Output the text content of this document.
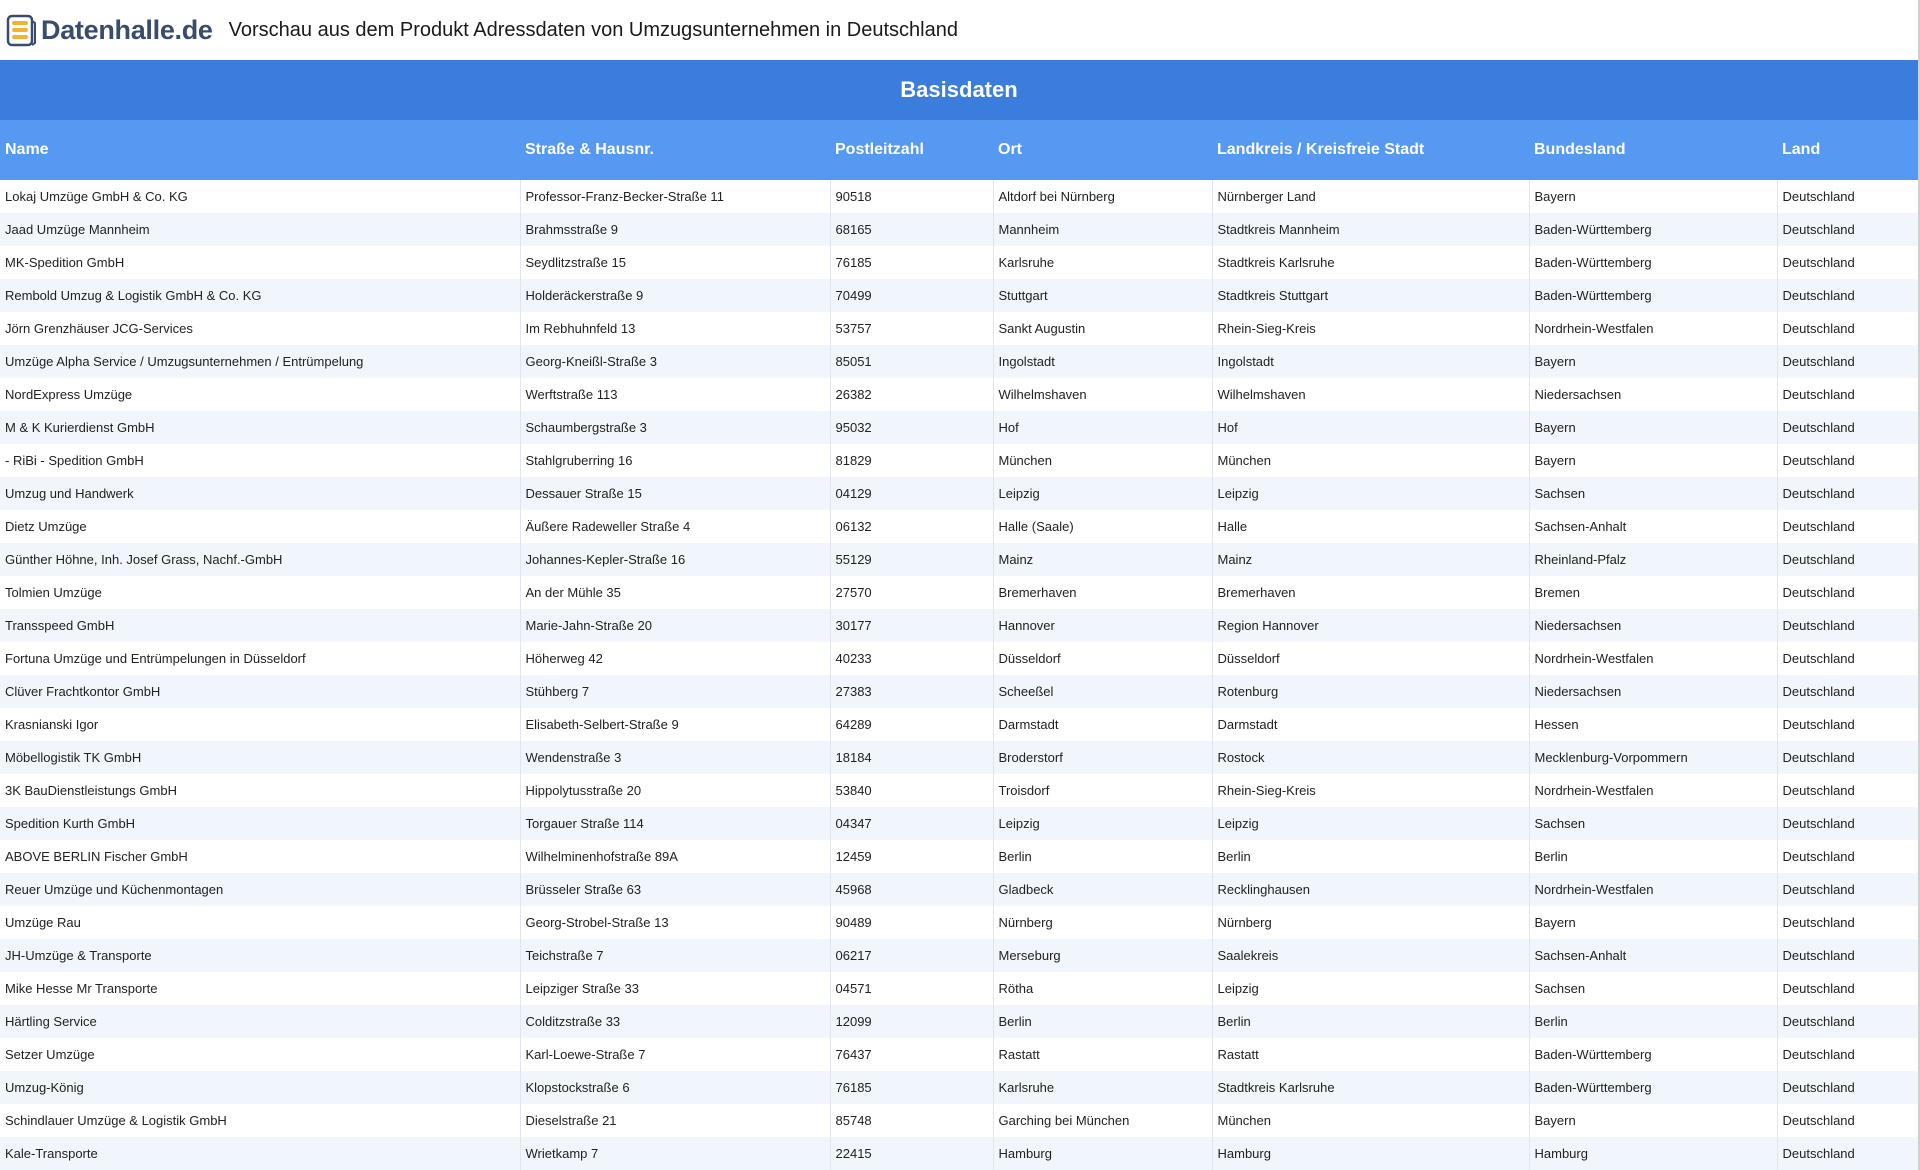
Datenhalle.de Vorschau aus dem Produkt Adressdaten von Umzugsunternehmen in Deutschland
Basisdaten
Name	Straße & Hausnr.	Postleitzahl	Ort	Landkreis / Kreisfreie Stadt	Bundesland	Land
Lokaj Umzüge GmbH & Co. KG	Professor-Franz-Becker-Straße 11	90518	Altdorf bei Nürnberg	Nürnberger Land	Bayern	Deutschland
Jaad Umzüge Mannheim	Brahmsstraße 9	68165	Mannheim	Stadtkreis Mannheim	Baden-Württemberg	Deutschland
MK-Spedition GmbH	Seydlitzstraße 15	76185	Karlsruhe	Stadtkreis Karlsruhe	Baden-Württemberg	Deutschland
Rembold Umzug & Logistik GmbH & Co. KG	Holderäckerstraße 9	70499	Stuttgart	Stadtkreis Stuttgart	Baden-Württemberg	Deutschland
Jörn Grenzhäuser JCG-Services	Im Rebhuhnfeld 13	53757	Sankt Augustin	Rhein-Sieg-Kreis	Nordrhein-Westfalen	Deutschland
Umzüge Alpha Service / Umzugsunternehmen / Entrümpelung	Georg-Kneißl-Straße 3	85051	Ingolstadt	Ingolstadt	Bayern	Deutschland
NordExpress Umzüge	Werftstraße 113	26382	Wilhelmshaven	Wilhelmshaven	Niedersachsen	Deutschland
M & K Kurierdienst GmbH	Schaumbergstraße 3	95032	Hof	Hof	Bayern	Deutschland
- RiBi - Spedition GmbH	Stahlgruberring 16	81829	München	München	Bayern	Deutschland
Umzug und Handwerk	Dessauer Straße 15	04129	Leipzig	Leipzig	Sachsen	Deutschland
Dietz Umzüge	Äußere Radeweller Straße 4	06132	Halle (Saale)	Halle	Sachsen-Anhalt	Deutschland
Günther Höhne, Inh. Josef Grass, Nachf.-GmbH	Johannes-Kepler-Straße 16	55129	Mainz	Mainz	Rheinland-Pfalz	Deutschland
Tolmien Umzüge	An der Mühle 35	27570	Bremerhaven	Bremerhaven	Bremen	Deutschland
Transspeed GmbH	Marie-Jahn-Straße 20	30177	Hannover	Region Hannover	Niedersachsen	Deutschland
Fortuna Umzüge und Entrümpelungen in Düsseldorf	Höherweg 42	40233	Düsseldorf	Düsseldorf	Nordrhein-Westfalen	Deutschland
Clüver Frachtkontor GmbH	Stühberg 7	27383	Scheeßel	Rotenburg	Niedersachsen	Deutschland
Krasnianski Igor	Elisabeth-Selbert-Straße 9	64289	Darmstadt	Darmstadt	Hessen	Deutschland
Möbellogistik TK GmbH	Wendenstraße 3	18184	Broderstorf	Rostock	Mecklenburg-Vorpommern	Deutschland
3K BauDienstleistungs GmbH	Hippolytusstraße 20	53840	Troisdorf	Rhein-Sieg-Kreis	Nordrhein-Westfalen	Deutschland
Spedition Kurth GmbH	Torgauer Straße 114	04347	Leipzig	Leipzig	Sachsen	Deutschland
ABOVE BERLIN Fischer GmbH	Wilhelminenhofstraße 89A	12459	Berlin	Berlin	Berlin	Deutschland
Reuer Umzüge und Küchenmontagen	Brüsseler Straße 63	45968	Gladbeck	Recklinghausen	Nordrhein-Westfalen	Deutschland
Umzüge Rau	Georg-Strobel-Straße 13	90489	Nürnberg	Nürnberg	Bayern	Deutschland
JH-Umzüge & Transporte	Teichstraße 7	06217	Merseburg	Saalekreis	Sachsen-Anhalt	Deutschland
Mike Hesse Mr Transporte	Leipziger Straße 33	04571	Rötha	Leipzig	Sachsen	Deutschland
Härtling Service	Colditzstraße 33	12099	Berlin	Berlin	Berlin	Deutschland
Setzer Umzüge	Karl-Loewe-Straße 7	76437	Rastatt	Rastatt	Baden-Württemberg	Deutschland
Umzug-König	Klopstockstraße 6	76185	Karlsruhe	Stadtkreis Karlsruhe	Baden-Württemberg	Deutschland
Schindlauer Umzüge & Logistik GmbH	Dieselstraße 21	85748	Garching bei München	München	Bayern	Deutschland
Kale-Transporte	Wrietkamp 7	22415	Hamburg	Hamburg	Hamburg	Deutschland
